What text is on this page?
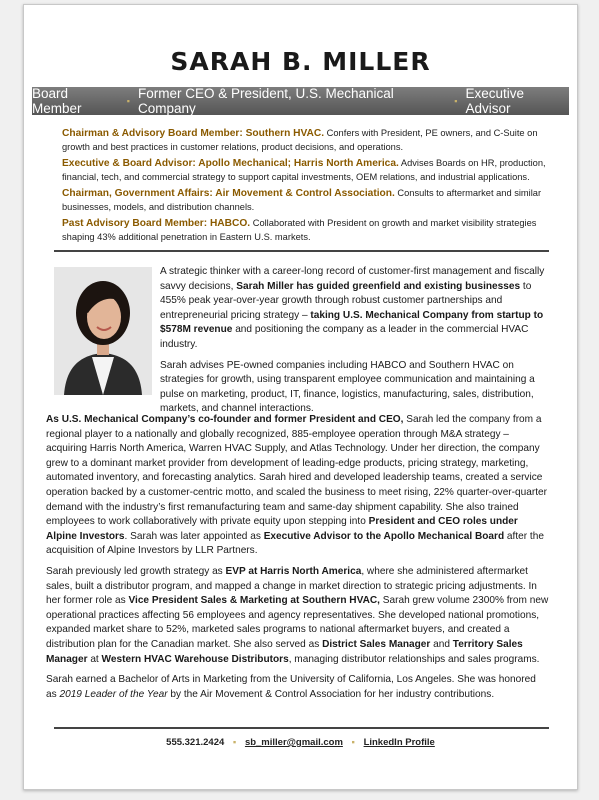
SARAH B. MILLER
Board Member	▪ Former CEO & President, U.S. Mechanical Company	▪ Executive Advisor
Chairman & Advisory Board Member: Southern HVAC. Confers with President, PE owners, and C-Suite on growth and best practices in customer relations, product decisions, and operations.
Executive & Board Advisor: Apollo Mechanical; Harris North America. Advises Boards on HR, production, financial, tech, and commercial strategy to support capital investments, OEM relations, and industrial applications.
Chairman, Government Affairs: Air Movement & Control Association. Consults to aftermarket and similar businesses, models, and distribution channels.
Past Advisory Board Member: HABCO. Collaborated with President on growth and market visibility strategies shaping 43% additional penetration in Eastern U.S. markets.

A strategic thinker with a career-long record of customer-first management and fiscally savvy decisions, Sarah Miller has guided greenfield and existing businesses to 455% peak year-over-year growth through robust customer partnerships and entrepreneurial pricing strategy – taking U.S. Mechanical Company from startup to $578M revenue and positioning the company as a leader in the commercial HVAC industry.

Sarah advises PE-owned companies including HABCO and Southern HVAC on strategies for growth, using transparent employee communication and maintaining a pulse on marketing, product, IT, finance, logistics, manufacturing, sales, distribution, markets, and channel interactions.

As U.S. Mechanical Company’s co-founder and former President and CEO, Sarah led the company from a regional player to a nationally and globally recognized, 885-employee operation through M&A strategy – acquiring Harris North America, Warren HVAC Supply, and Atlas Technology. Under her direction, the company grew to a dominant market provider from development of leading-edge products, pricing strategy, marketing, automated inventory, and forecasting analytics. Sarah hired and developed leadership teams, created a service operation backed by a customer-centric motto, and scaled the business to meet rising, 22% quarter-over-quarter demand with the industry’s first remanufacturing team and same-day shipment capability. She also trained employees to work collaboratively with private equity upon stepping into President and CEO roles under Alpine Investors. Sarah was later appointed as Executive Advisor to the Apollo Mechanical Board after the acquisition of Alpine Investors by LLR Partners.

Sarah previously led growth strategy as EVP at Harris North America, where she administered aftermarket sales, built a distributor program, and mapped a change in market direction to strategic pricing adjustments. In her former role as Vice President Sales & Marketing at Southern HVAC, Sarah grew volume 2300% from new operational practices affecting 56 employees and agency representatives. She developed national promotions, expanded market share to 52%, marketed sales programs to national aftermarket buyers, and created a distribution plan for the Canadian market. She also served as District Sales Manager and Territory Sales Manager at Western HVAC Warehouse Distributors, managing distributor relationships and sales programs.

Sarah earned a Bachelor of Arts in Marketing from the University of California, Los Angeles. She was honored as 2019 Leader of the Year by the Air Movement & Control Association for her industry contributions.

555.321.2424 ▪ sb_miller@gmail.com ▪ LinkedIn Profile
